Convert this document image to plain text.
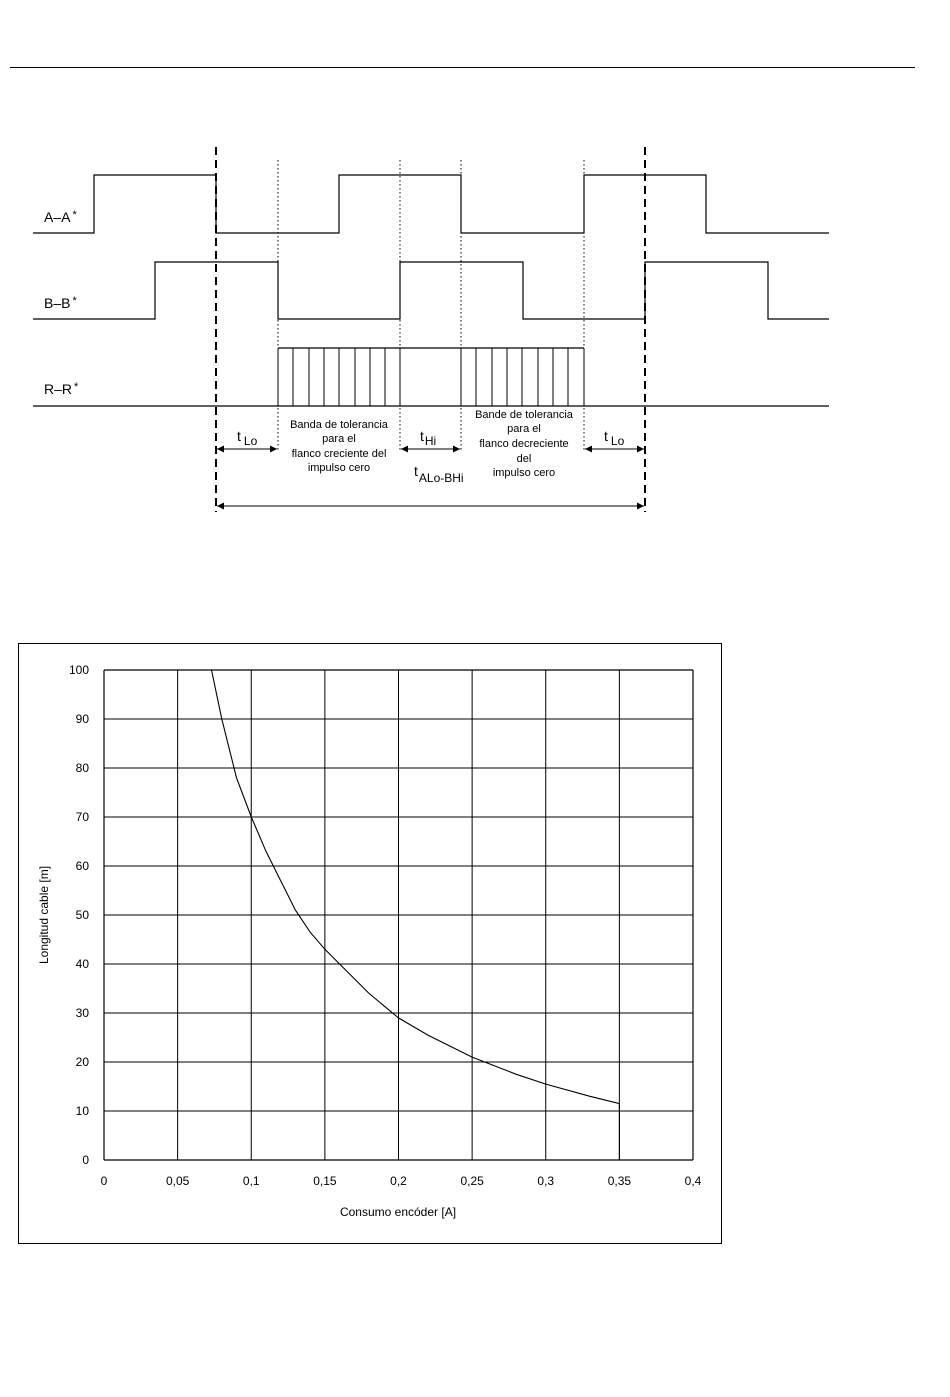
A–A *
B–B *
R–R *
t Lo	tHi	t Lo
tALo-BHi
Banda de tolerancia
para el
flanco creciente del
impulso cero
Bande de tolerancia
para el
flanco decreciente
del
impulso cero
0
10
20
30
40
50
60
70
80
90
100
0	0,05	0,1	0,15	0,2	0,25	0,3	0,35	0,4
Consumo encóder [A]
Longitud cable [m]
